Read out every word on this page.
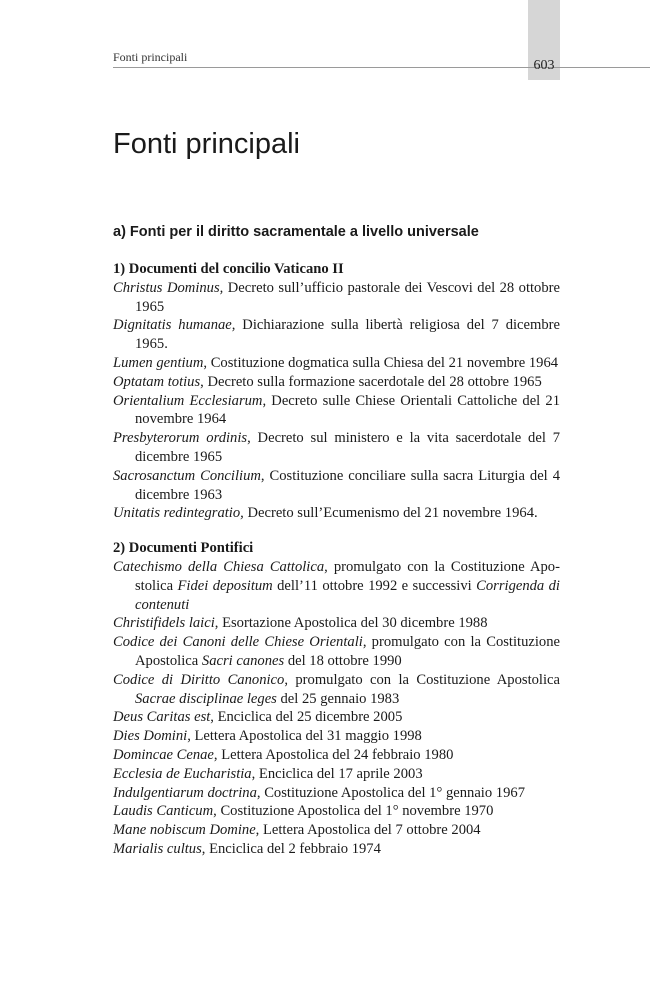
Fonti principali
603
Fonti principali
a) Fonti per il diritto sacramentale a livello universale
1) Documenti del concilio Vaticano II
Christus Dominus, Decreto sull’ufficio pastorale dei Vescovi del 28 ottobre 1965
Dignitatis humanae, Dichiarazione sulla libertà religiosa del 7 dicembre 1965.
Lumen gentium, Costituzione dogmatica sulla Chiesa del 21 novembre 1964
Optatam totius, Decreto sulla formazione sacerdotale del 28 ottobre 1965
Orientalium Ecclesiarum, Decreto sulle Chiese Orientali Cattoliche del 21 novembre 1964
Presbyterorum ordinis, Decreto sul ministero e la vita sacerdotale del 7 dicembre 1965
Sacrosanctum Concilium, Costituzione conciliare sulla sacra Liturgia del 4 dicembre 1963
Unitatis redintegratio, Decreto sull’Ecumenismo del 21 novembre 1964.
2) Documenti Pontifici
Catechismo della Chiesa Cattolica, promulgato con la Costituzione Apostolica Fidei depositum dell’11 ottobre 1992 e successivi Corrigenda di contenuti
Christifidels laici, Esortazione Apostolica del 30 dicembre 1988
Codice dei Canoni delle Chiese Orientali, promulgato con la Costituzione Apostolica Sacri canones del 18 ottobre 1990
Codice di Diritto Canonico, promulgato con la Costituzione Apostolica Sacrae disciplinae leges del 25 gennaio 1983
Deus Caritas est, Enciclica del 25 dicembre 2005
Dies Domini, Lettera Apostolica del 31 maggio 1998
Domincae Cenae, Lettera Apostolica del 24 febbraio 1980
Ecclesia de Eucharistia, Enciclica del 17 aprile 2003
Indulgentiarum doctrina, Costituzione Apostolica del 1° gennaio 1967
Laudis Canticum, Costituzione Apostolica del 1° novembre 1970
Mane nobiscum Domine, Lettera Apostolica del 7 ottobre 2004
Marialis cultus, Enciclica del 2 febbraio 1974
